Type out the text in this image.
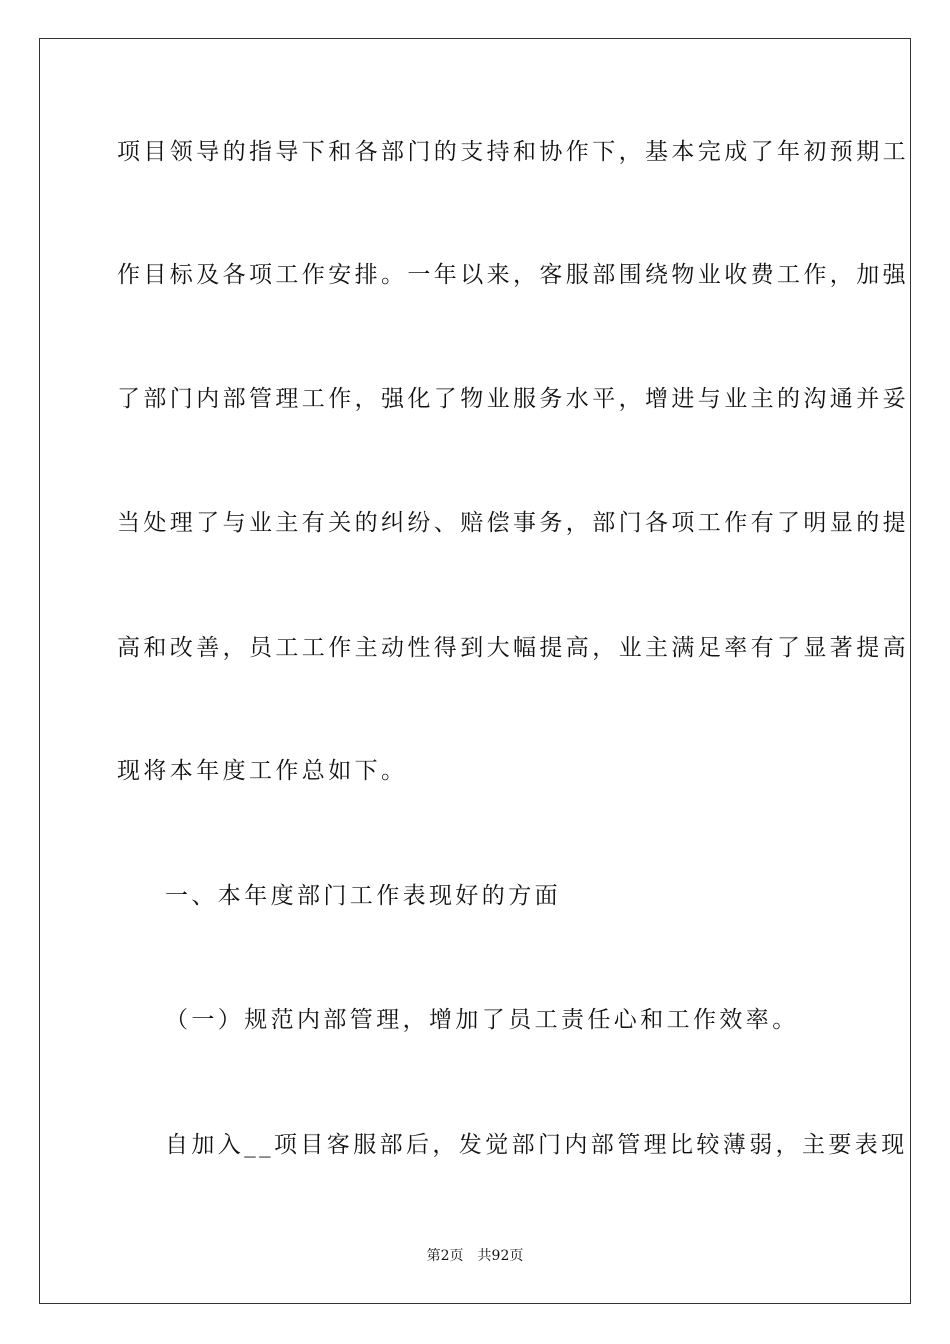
项目领导的指导下和各部门的支持和协作下，基本完成了年初预期工
作目标及各项工作安排。一年以来，客服部围绕物业收费工作，加强
了部门内部管理工作，强化了物业服务水平，增进与业主的沟通并妥
当处理了与业主有关的纠纷、赔偿事务，部门各项工作有了明显的提
高和改善，员工工作主动性得到大幅提高，业主满足率有了显著提高
现将本年度工作总如下。
一、本年度部门工作表现好的方面
（一）规范内部管理，增加了员工责任心和工作效率。
自加入__项目客服部后，发觉部门内部管理比较薄弱，主要表现
第2页 共92页
